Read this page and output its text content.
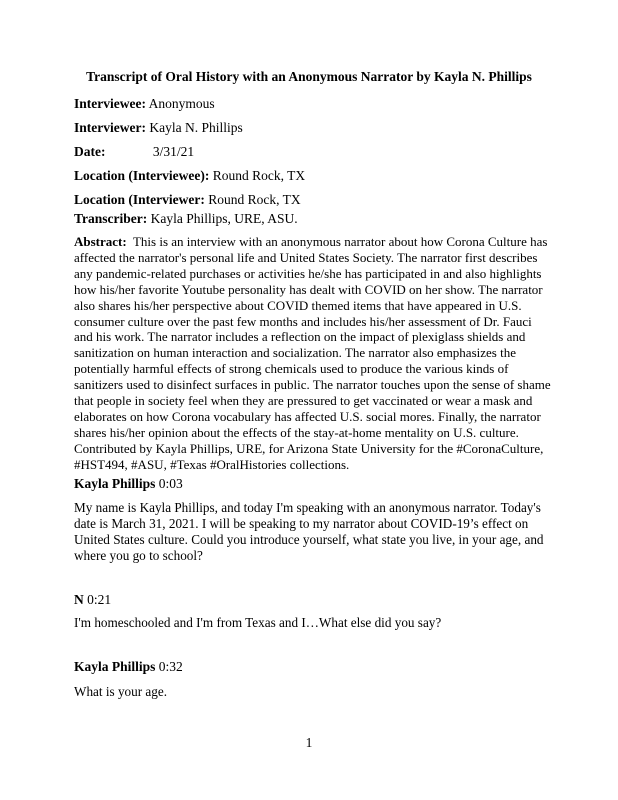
Transcript of Oral History with an Anonymous Narrator by Kayla N. Phillips
Interviewee: Anonymous
Interviewer: Kayla N. Phillips
Date:	3/31/21
Location (Interviewee): Round Rock, TX
Location (Interviewer: Round Rock, TX
Transcriber: Kayla Phillips, URE, ASU.
Abstract: This is an interview with an anonymous narrator about how Corona Culture has affected the narrator's personal life and United States Society. The narrator first describes any pandemic-related purchases or activities he/she has participated in and also highlights how his/her favorite Youtube personality has dealt with COVID on her show. The narrator also shares his/her perspective about COVID themed items that have appeared in U.S. consumer culture over the past few months and includes his/her assessment of Dr. Fauci and his work. The narrator includes a reflection on the impact of plexiglass shields and sanitization on human interaction and socialization. The narrator also emphasizes the potentially harmful effects of strong chemicals used to produce the various kinds of sanitizers used to disinfect surfaces in public. The narrator touches upon the sense of shame that people in society feel when they are pressured to get vaccinated or wear a mask and elaborates on how Corona vocabulary has affected U.S. social mores. Finally, the narrator shares his/her opinion about the effects of the stay-at-home mentality on U.S. culture. Contributed by Kayla Phillips, URE, for Arizona State University for the #CoronaCulture, #HST494, #ASU, #Texas #OralHistories collections.
Kayla Phillips 0:03
My name is Kayla Phillips, and today I'm speaking with an anonymous narrator. Today's date is March 31, 2021. I will be speaking to my narrator about COVID-19’s effect on United States culture. Could you introduce yourself, what state you live, in your age, and where you go to school?
N 0:21
I'm homeschooled and I'm from Texas and I…What else did you say?
Kayla Phillips 0:32
What is your age.
1
